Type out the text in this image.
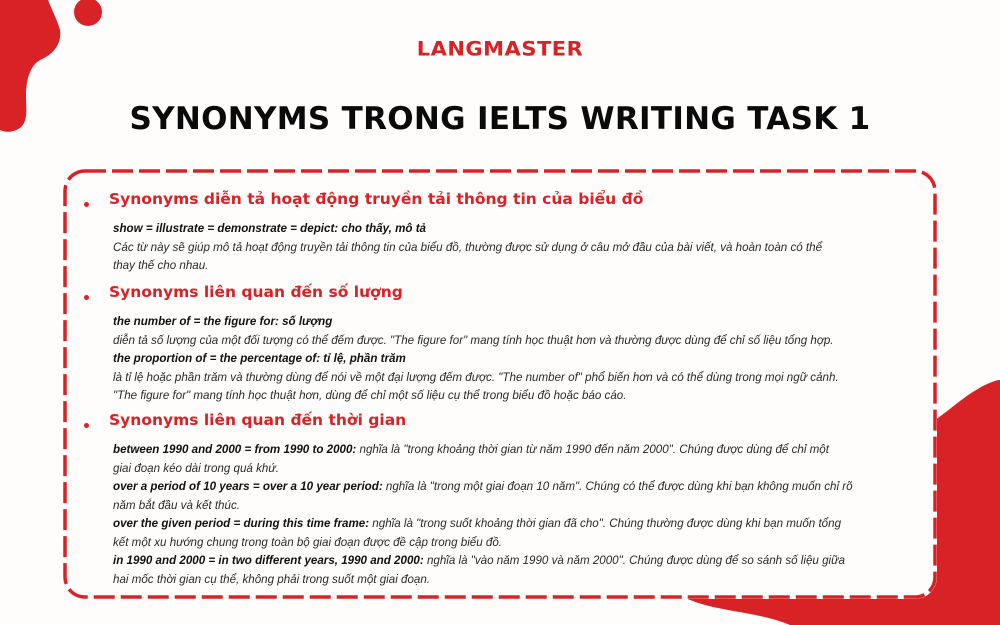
LANGMASTER
SYNONYMS TRONG IELTS WRITING TASK 1
Synonyms diễn tả hoạt động truyền tải thông tin của biểu đồ
show = illustrate = demonstrate = depict: cho thấy, mô tả
Các từ này sẽ giúp mô tả hoạt động truyền tải thông tin của biểu đồ, thường được sử dụng ở câu mở đầu của bài viết, và hoàn toàn có thể
thay thế cho nhau.
Synonyms liên quan đến số lượng
the number of = the figure for: số lượng
diễn tả số lượng của một đối tượng có thể đếm được. "The figure for" mang tính học thuật hơn và thường được dùng để chỉ số liệu tổng hợp.
the proportion of = the percentage of: tỉ lệ, phần trăm
là tỉ lệ hoặc phần trăm và thường dùng để nói về một đại lượng đếm được. "The number of" phổ biến hơn và có thể dùng trong mọi ngữ cảnh.
"The figure for" mang tính học thuật hơn, dùng để chỉ một số liệu cụ thể trong biểu đồ hoặc báo cáo.
Synonyms liên quan đến thời gian
between 1990 and 2000 = from 1990 to 2000: nghĩa là "trong khoảng thời gian từ năm 1990 đến năm 2000". Chúng được dùng để chỉ một
giai đoạn kéo dài trong quá khứ.
over a period of 10 years = over a 10 year period: nghĩa là "trong một giai đoạn 10 năm". Chúng có thể được dùng khi bạn không muốn chỉ rõ
năm bắt đầu và kết thúc.
over the given period = during this time frame: nghĩa là "trong suốt khoảng thời gian đã cho". Chúng thường được dùng khi bạn muốn tổng
kết một xu hướng chung trong toàn bộ giai đoạn được đề cập trong biểu đồ.
in 1990 and 2000 = in two different years, 1990 and 2000: nghĩa là "vào năm 1990 và năm 2000". Chúng được dùng để so sánh số liệu giữa
hai mốc thời gian cụ thể, không phải trong suốt một giai đoạn.
